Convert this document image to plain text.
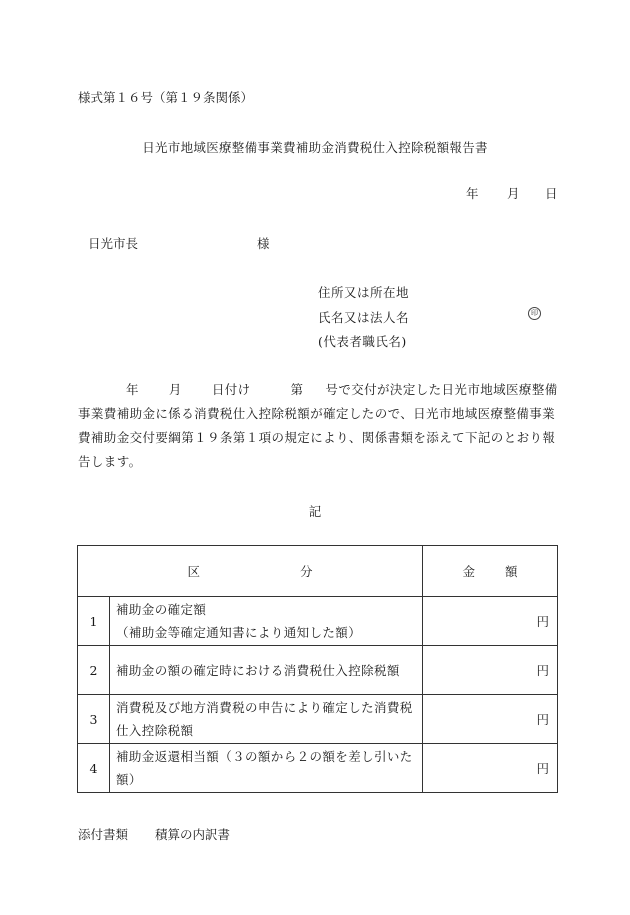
様式第１６号（第１９条関係）
日光市地域医療整備事業費補助金消費税仕入控除税額報告書
年 月 日
日光市長	様
住所又は所在地
氏名又は法人名	印
(代表者職氏名)
年 月 日付け	第 号で交付が決定した日光市地域医療整備
事業費補助金に係る消費税仕入控除税額が確定したので、日光市地域医療整備事業
費補助金交付要綱第１９条第１項の規定により、関係書類を添えて下記のとおり報
告します。
記
区 分		金 額
1	補助金の確定額
（補助金等確定通知書により通知した額）	円
2	補助金の額の確定時における消費税仕入控除税額	円
3	消費税及び地方消費税の申告により確定した消費税
仕入控除税額	円
4	補助金返還相当額（３の額から２の額を差し引いた
額）	円
添付書類 積算の内訳書
